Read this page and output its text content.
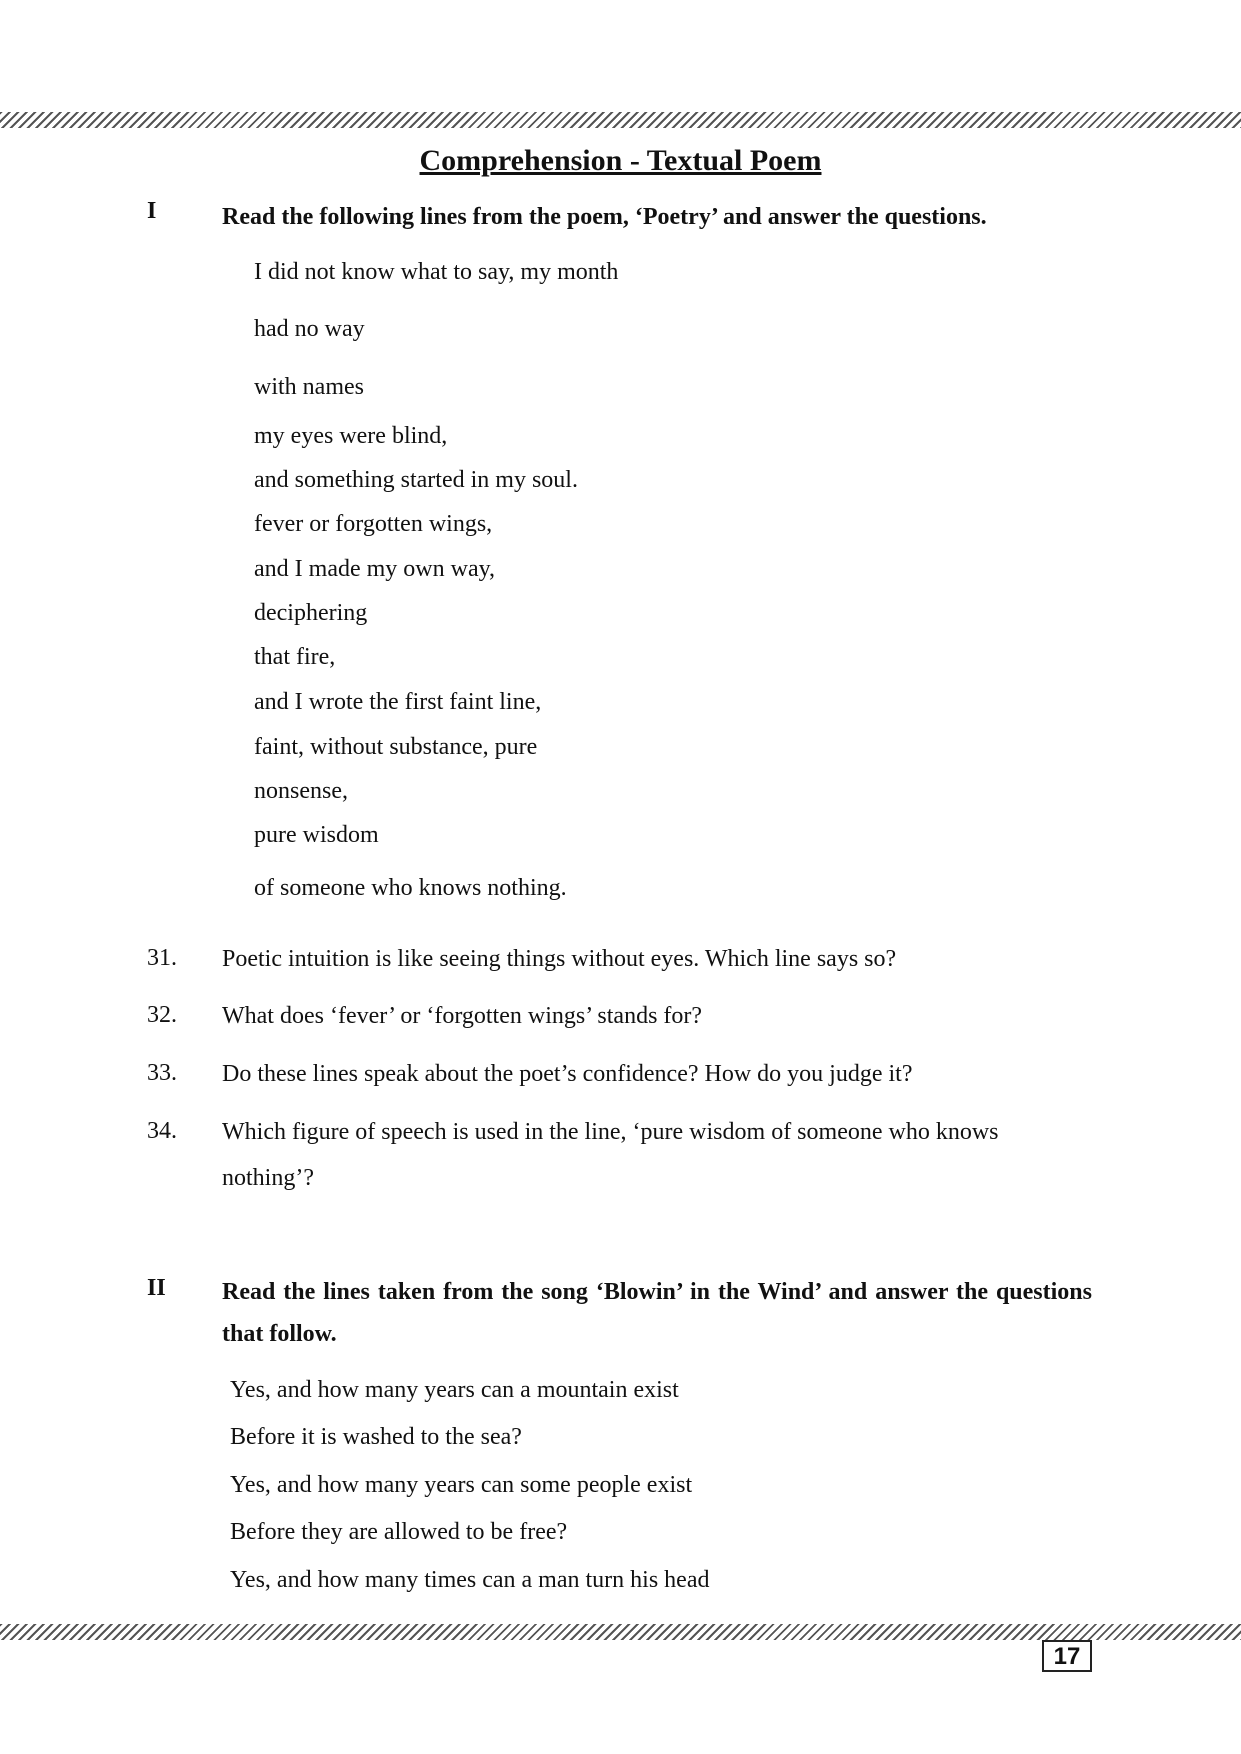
Comprehension - Textual Poem
I	Read the following lines from the poem, ‘Poetry’ and answer the questions.
I did not know what to say, my month
had no way
with names
my eyes were blind,
and something started in my soul.
fever or forgotten wings,
and I made my own way,
deciphering
that fire,
and I wrote the first faint line,
faint, without substance, pure
nonsense,
pure wisdom
of someone who knows nothing.
31. Poetic intuition is like seeing things without eyes. Which line says so?
32. What does ‘fever’ or ‘forgotten wings’ stands for?
33. Do these lines speak about the poet’s confidence? How do you judge it?
34. Which figure of speech is used in the line, ‘pure wisdom of someone who knows nothing’?
II Read the lines taken from the song ‘Blowin’ in the Wind’ and answer the questions that follow.
Yes, and how many years can a mountain exist
Before it is washed to the sea?
Yes, and how many years can some people exist
Before they are allowed to be free?
Yes, and how many times can a man turn his head
17
